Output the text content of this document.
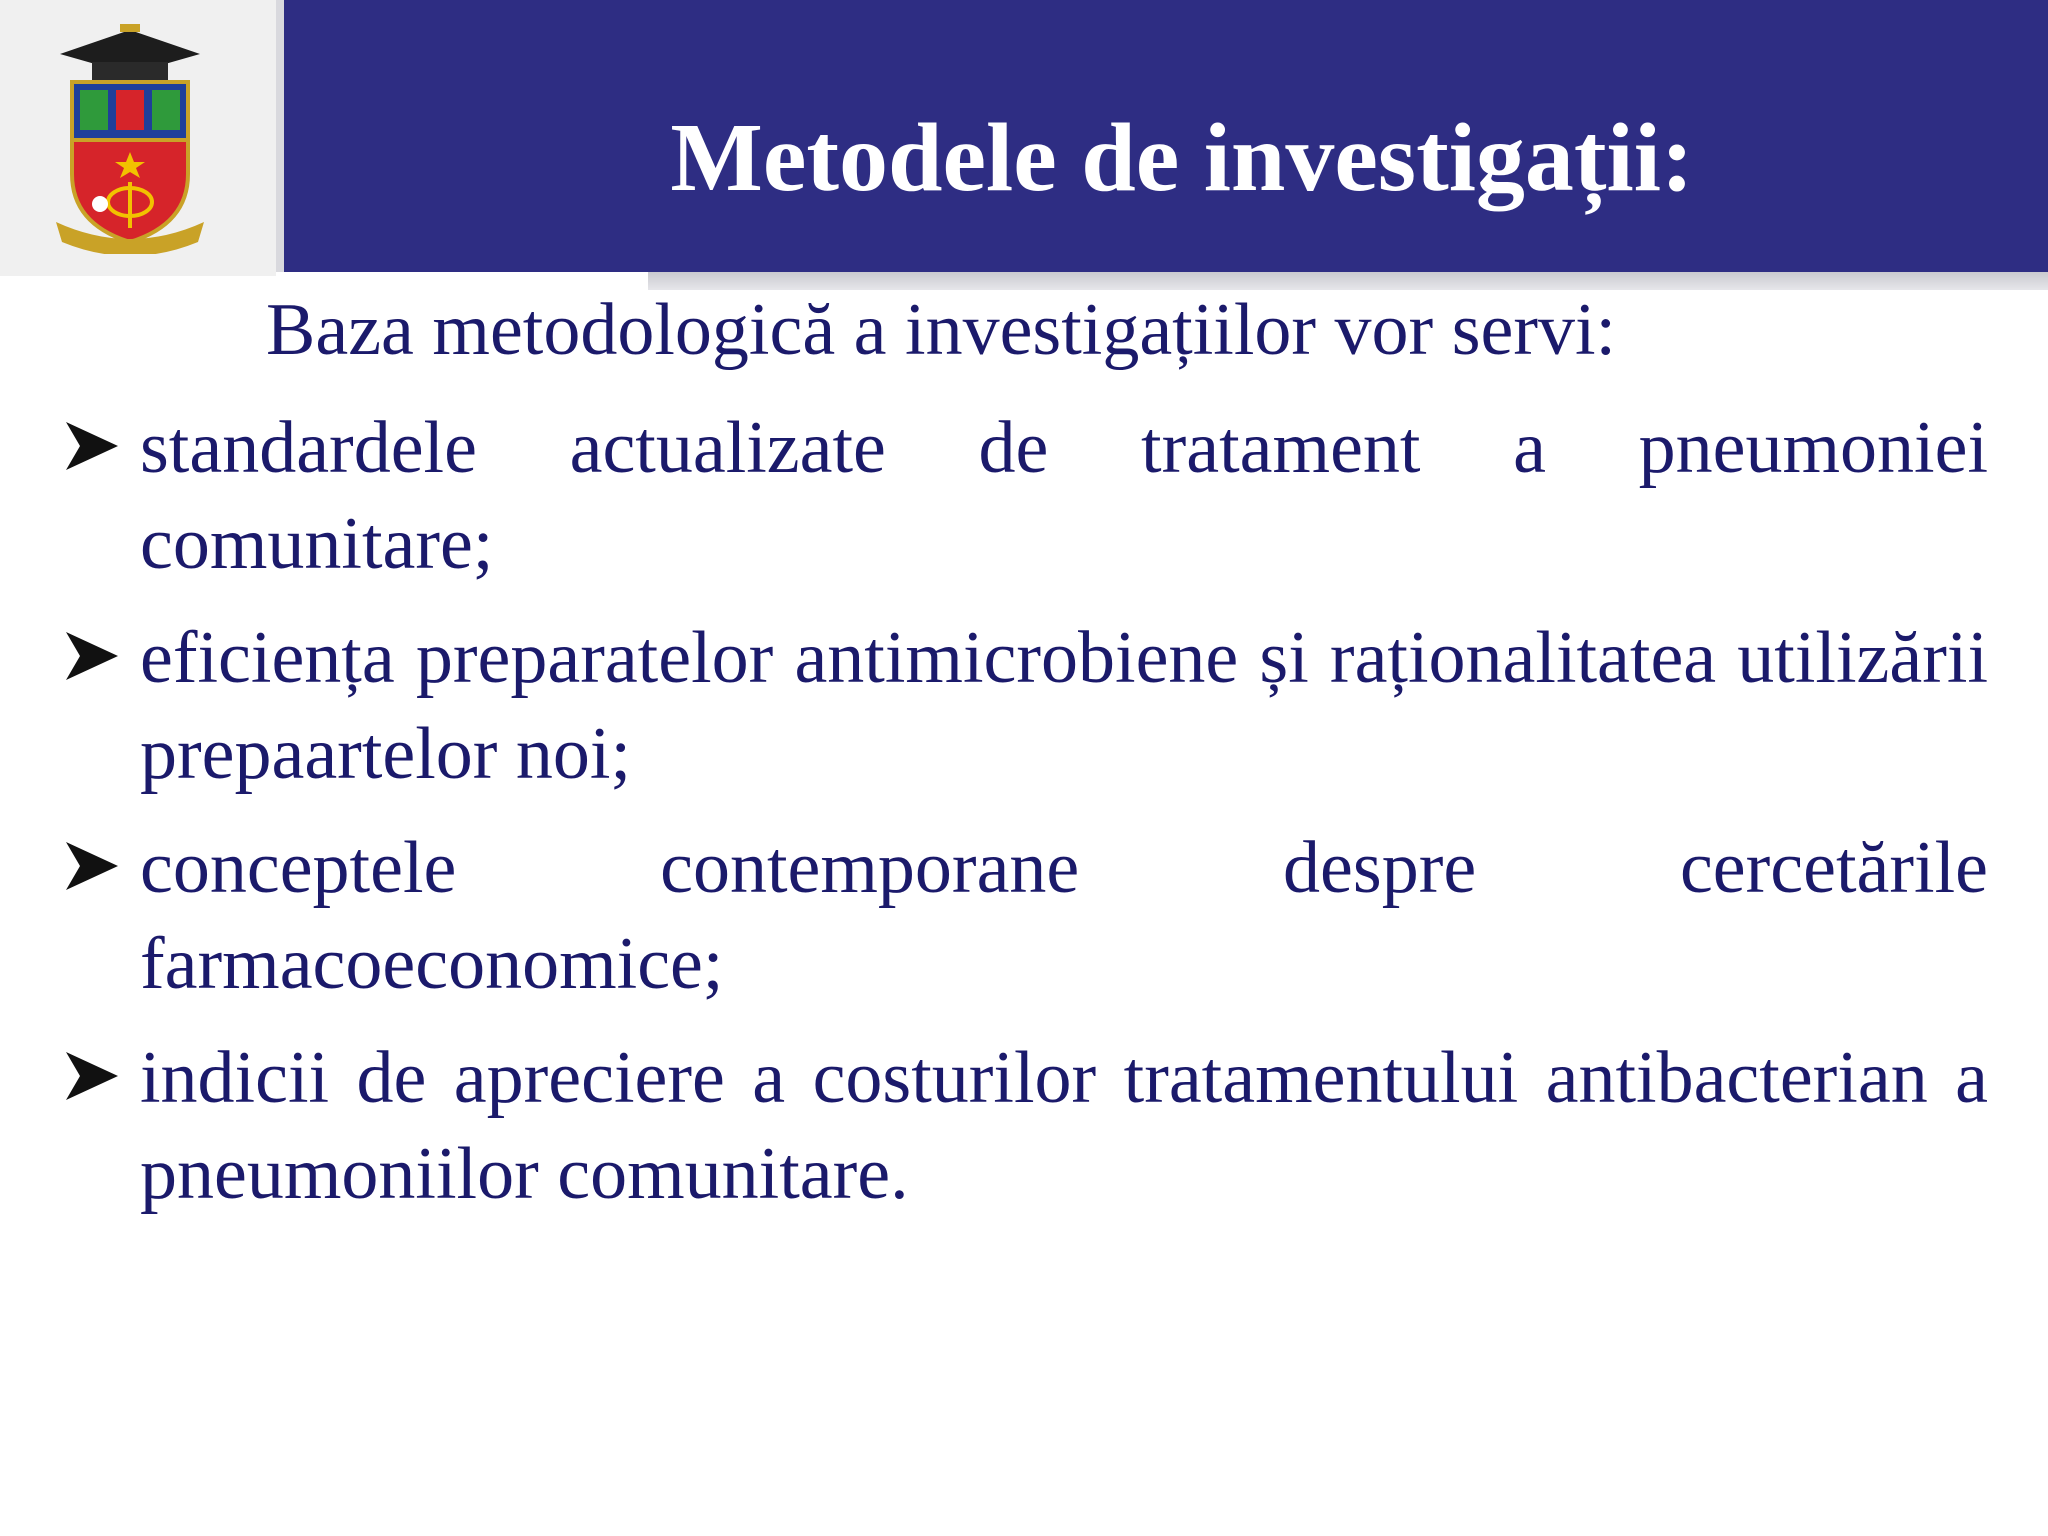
Metodele de investigații:
Baza metodologică a investigațiilor vor servi:
standardele actualizate de tratament a pneumoniei comunitare;
eficiența preparatelor antimicrobiene și raționalitatea utilizării prepaartelor noi;
conceptele contemporane despre cercetările farmacoeconomice;
indicii de apreciere a costurilor tratamentului antibacterian a pneumoniilor comunitare.
